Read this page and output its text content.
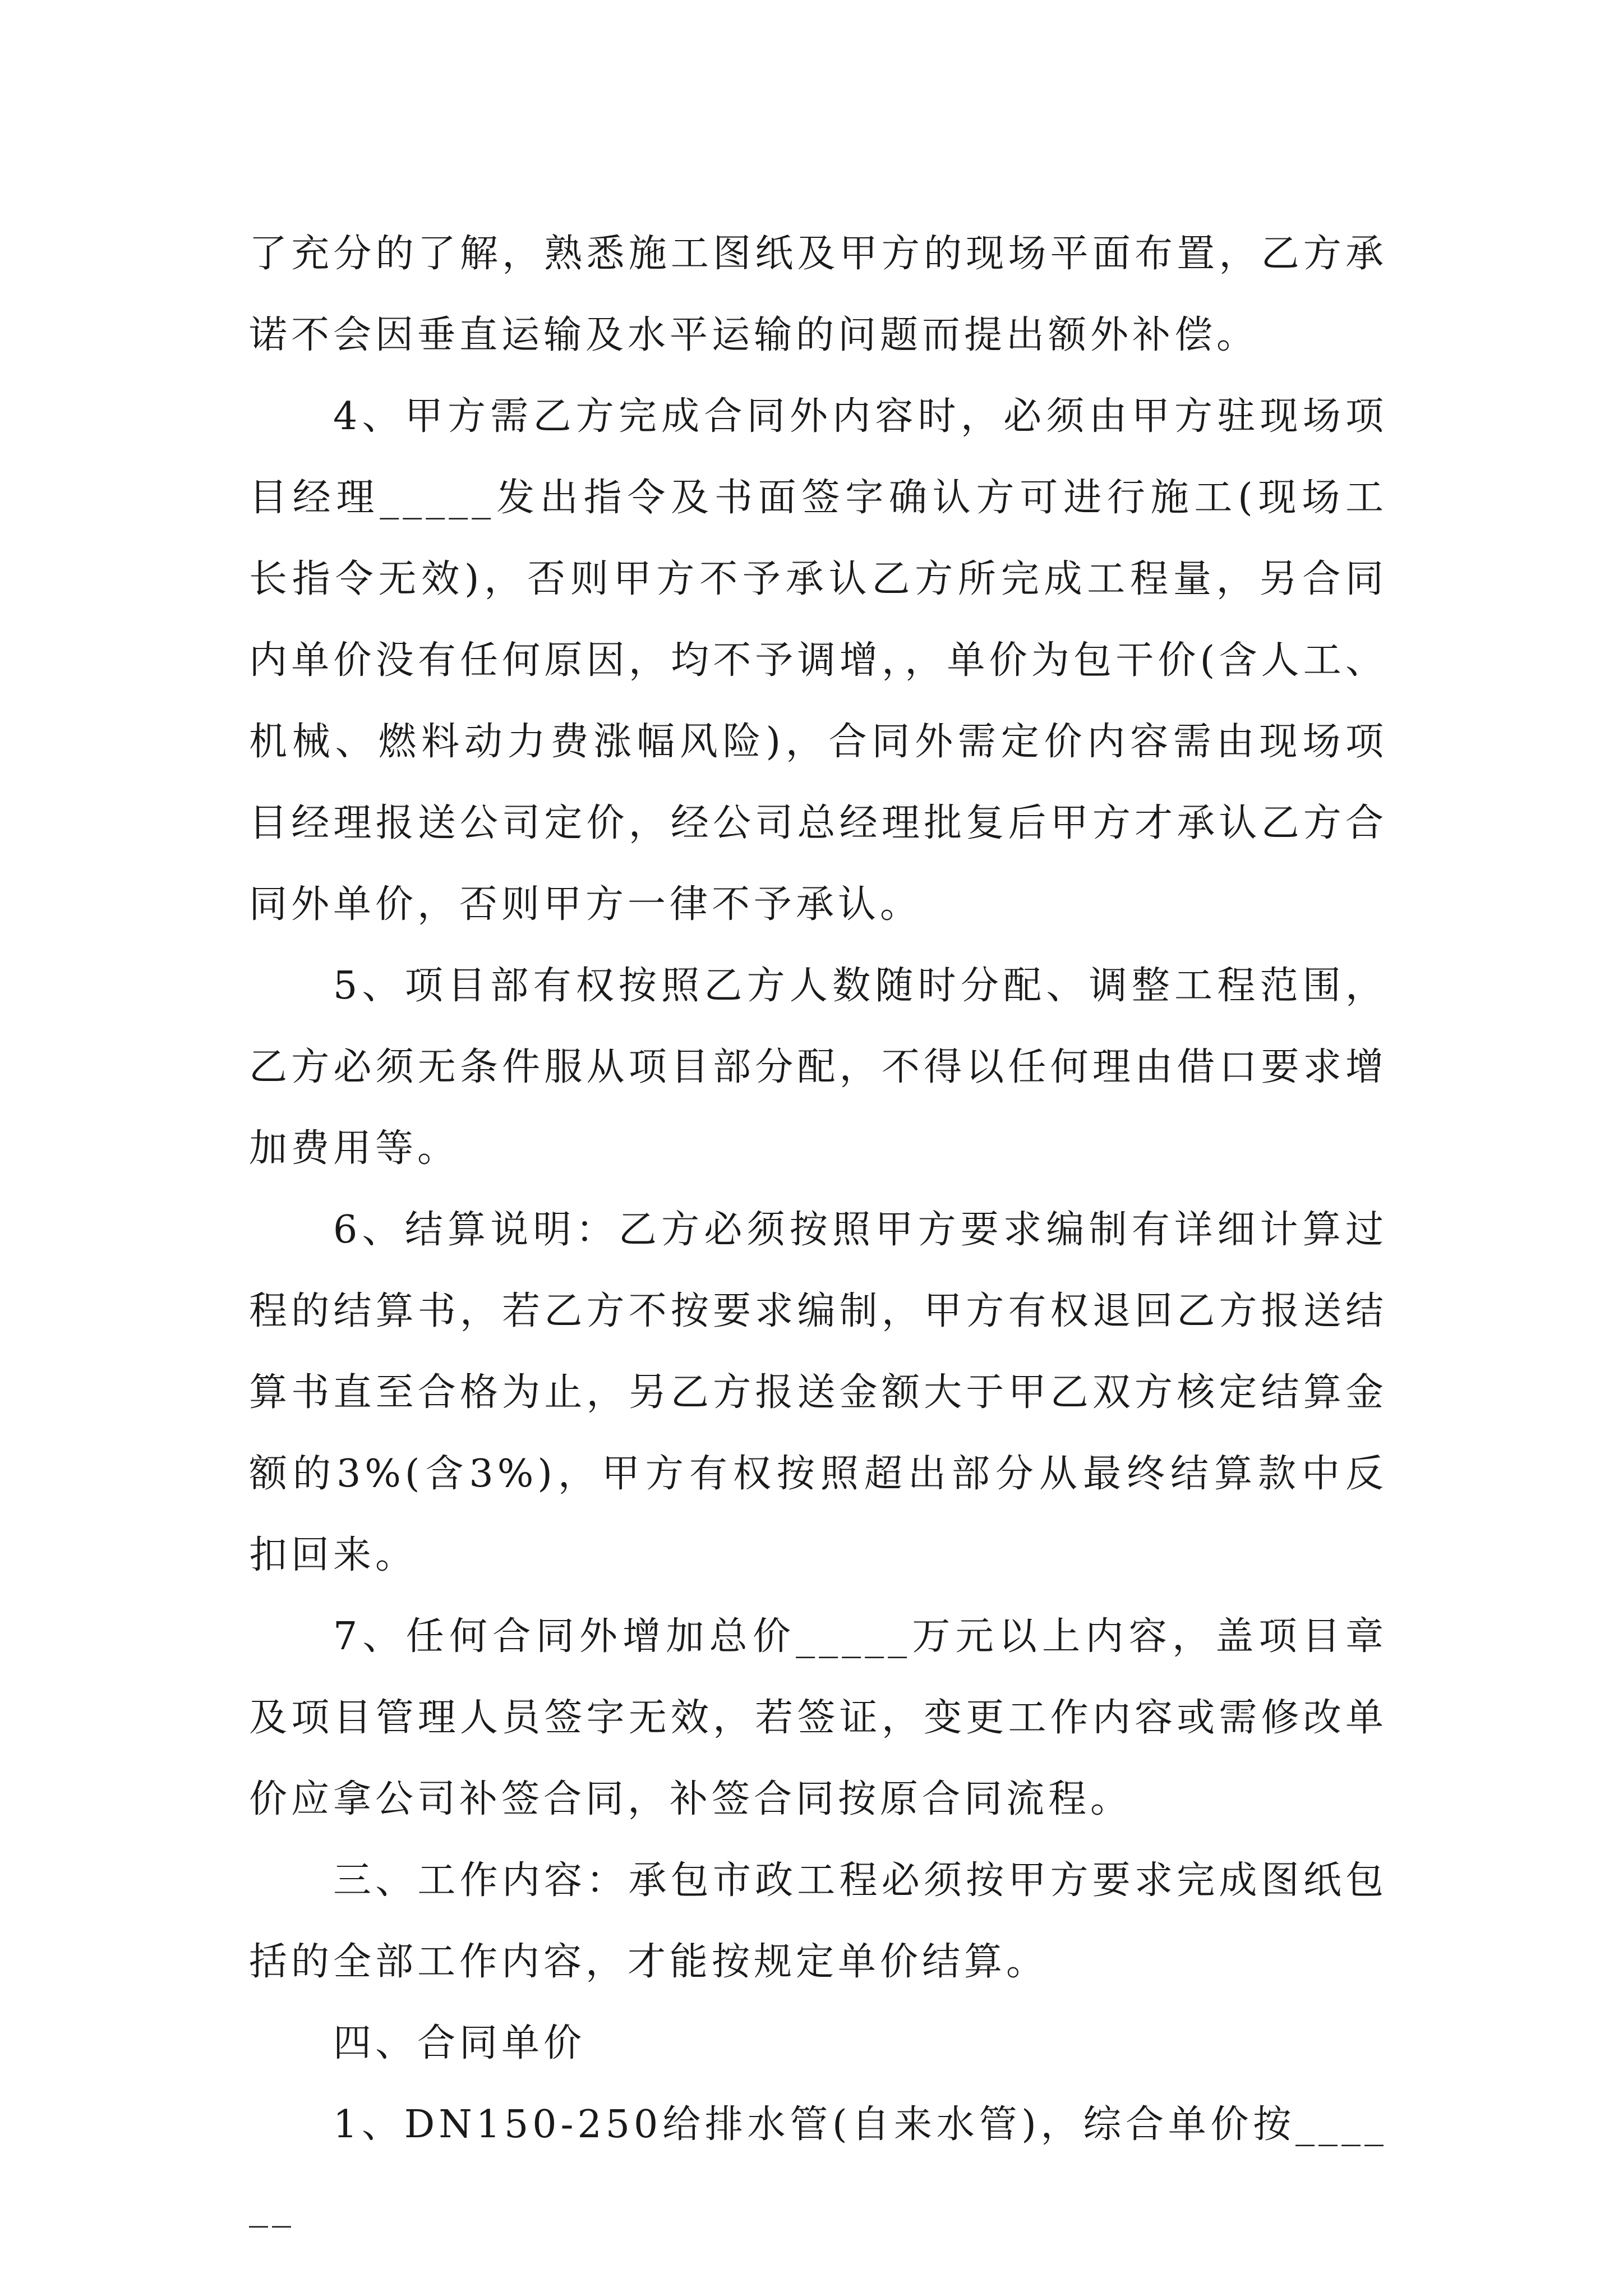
了充分的了解，熟悉施工图纸及甲方的现场平面布置，乙方承诺不会因垂直运输及水平运输的问题而提出额外补偿。

4、甲方需乙方完成合同外内容时，必须由甲方驻现场项目经理_____发出指令及书面签字确认方可进行施工(现场工长指令无效)，否则甲方不予承认乙方所完成工程量，另合同内单价没有任何原因，均不予调增，，单价为包干价(含人工、机械、燃料动力费涨幅风险)，合同外需定价内容需由现场项目经理报送公司定价，经公司总经理批复后甲方才承认乙方合同外单价，否则甲方一律不予承认。

5、项目部有权按照乙方人数随时分配、调整工程范围，乙方必须无条件服从项目部分配，不得以任何理由借口要求增加费用等。

6、结算说明：乙方必须按照甲方要求编制有详细计算过程的结算书，若乙方不按要求编制，甲方有权退回乙方报送结算书直至合格为止，另乙方报送金额大于甲乙双方核定结算金额的3%(含3%)，甲方有权按照超出部分从最终结算款中反扣回来。

7、任何合同外增加总价_____万元以上内容，盖项目章及项目管理人员签字无效，若签证，变更工作内容或需修改单价应拿公司补签合同，补签合同按原合同流程。

三、工作内容：承包市政工程必须按甲方要求完成图纸包括的全部工作内容，才能按规定单价结算。

四、合同单价

1、DN150-250给排水管(自来水管)，综合单价按______
